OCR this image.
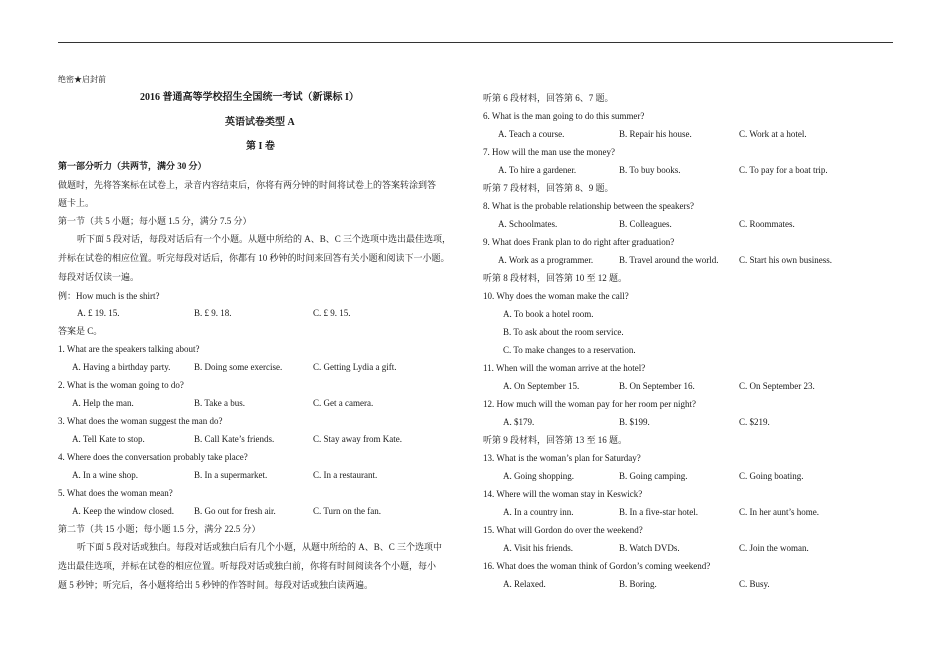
绝密★启封前
2016 普通高等学校招生全国统一考试（新课标 I）
英语试卷类型 A
第 I 卷
第一部分听力（共两节，满分 30 分）
做题时，先将答案标在试卷上，录音内容结束后，你将有两分钟的时间将试卷上的答案转涂到答
题卡上。
第一节（共 5 小题；每小题 1.5 分，满分 7.5 分）
听下面 5 段对话，每段对话后有一个小题。从题中所给的 A、B、C 三个选项中选出最佳选项，
并标在试卷的相应位置。听完每段对话后，你都有 10 秒钟的时间来回答有关小题和阅读下一小题。
每段对话仅读一遍。
例：How much is the shirt?
A. £ 19. 15.	B. £ 9. 18.	C. £ 9. 15.
答案是 C。
1. What are the speakers talking about?
A. Having a birthday party.	B. Doing some exercise.	C. Getting Lydia a gift.
2. What is the woman going to do?
A. Help the man.	B. Take a bus.	C. Get a camera.
3. What does the woman suggest the man do?
A. Tell Kate to stop.	B. Call Kate’s friends.	C. Stay away from Kate.
4. Where does the conversation probably take place?
A. In a wine shop.	B. In a supermarket.	C. In a restaurant.
5. What does the woman mean?
A. Keep the window closed. B. Go out for fresh air.	C. Turn on the fan.
第二节（共 15 小题；每小题 1.5 分，满分 22.5 分）
听下面 5 段对话或独白。每段对话或独白后有几个小题，从题中所给的 A、B、C 三个选项中
选出最佳选项，并标在试卷的相应位置。听每段对话或独白前，你将有时间阅读各个小题，每小
题 5 秒钟；听完后，各小题将给出 5 秒钟的作答时间。每段对话或独白读两遍。
听第 6 段材料，回答第 6、7 题。
6. What is the man going to do this summer?
A. Teach a course.	B. Repair his house.	C. Work at a hotel.
7. How will the man use the money?
A. To hire a gardener.	B. To buy books.	C. To pay for a boat trip.
听第 7 段材料，回答第 8、9 题。
8. What is the probable relationship between the speakers?
A. Schoolmates.	B. Colleagues.	C. Roommates.
9. What does Frank plan to do right after graduation?
A. Work as a programmer.	B. Travel around the world. C. Start his own business.
听第 8 段材料，回答第 10 至 12 题。
10. Why does the woman make the call?
A. To book a hotel room.
B. To ask about the room service.
C. To make changes to a reservation.
11. When will the woman arrive at the hotel?
A. On September 15.	B. On September 16.	C. On September 23.
12. How much will the woman pay for her room per night?
A. $179.	B. $199.	C. $219.
听第 9 段材料，回答第 13 至 16 题。
13. What is the woman’s plan for Saturday?
A. Going shopping.	B. Going camping.	C. Going boating.
14. Where will the woman stay in Keswick?
A. In a country inn.	B. In a five-star hotel.	C. In her aunt’s home.
15. What will Gordon do over the weekend?
A. Visit his friends.	B. Watch DVDs.	C. Join the woman.
16. What does the woman think of Gordon’s coming weekend?
A. Relaxed.	B. Boring.	C. Busy.
